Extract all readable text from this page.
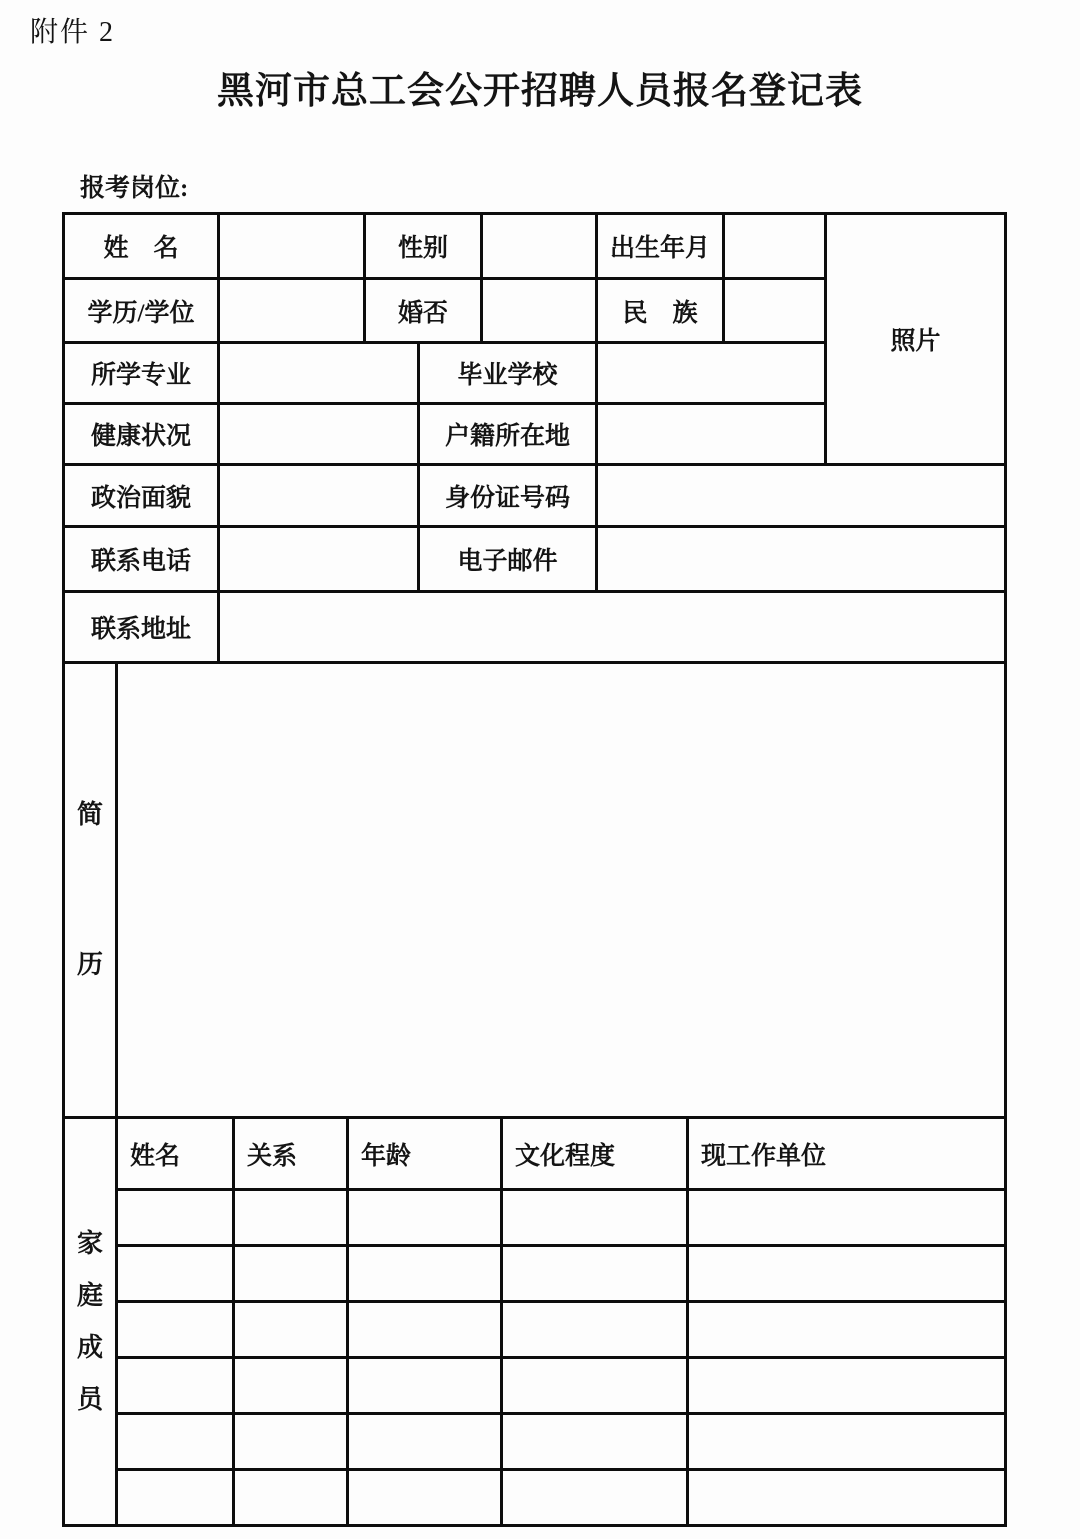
附件 2
黑河市总工会公开招聘人员报名登记表
报考岗位:
姓　名		性别			出生年月		照片
学历/学位		婚否			民　族		
所学专业			毕业学校				
健康状况			户籍所在地				
政治面貌			身份证号码				
联系电话			电子邮件				
联系地址							
简历

家庭成员	姓名	关系	年龄	文化程度	现工作单位
